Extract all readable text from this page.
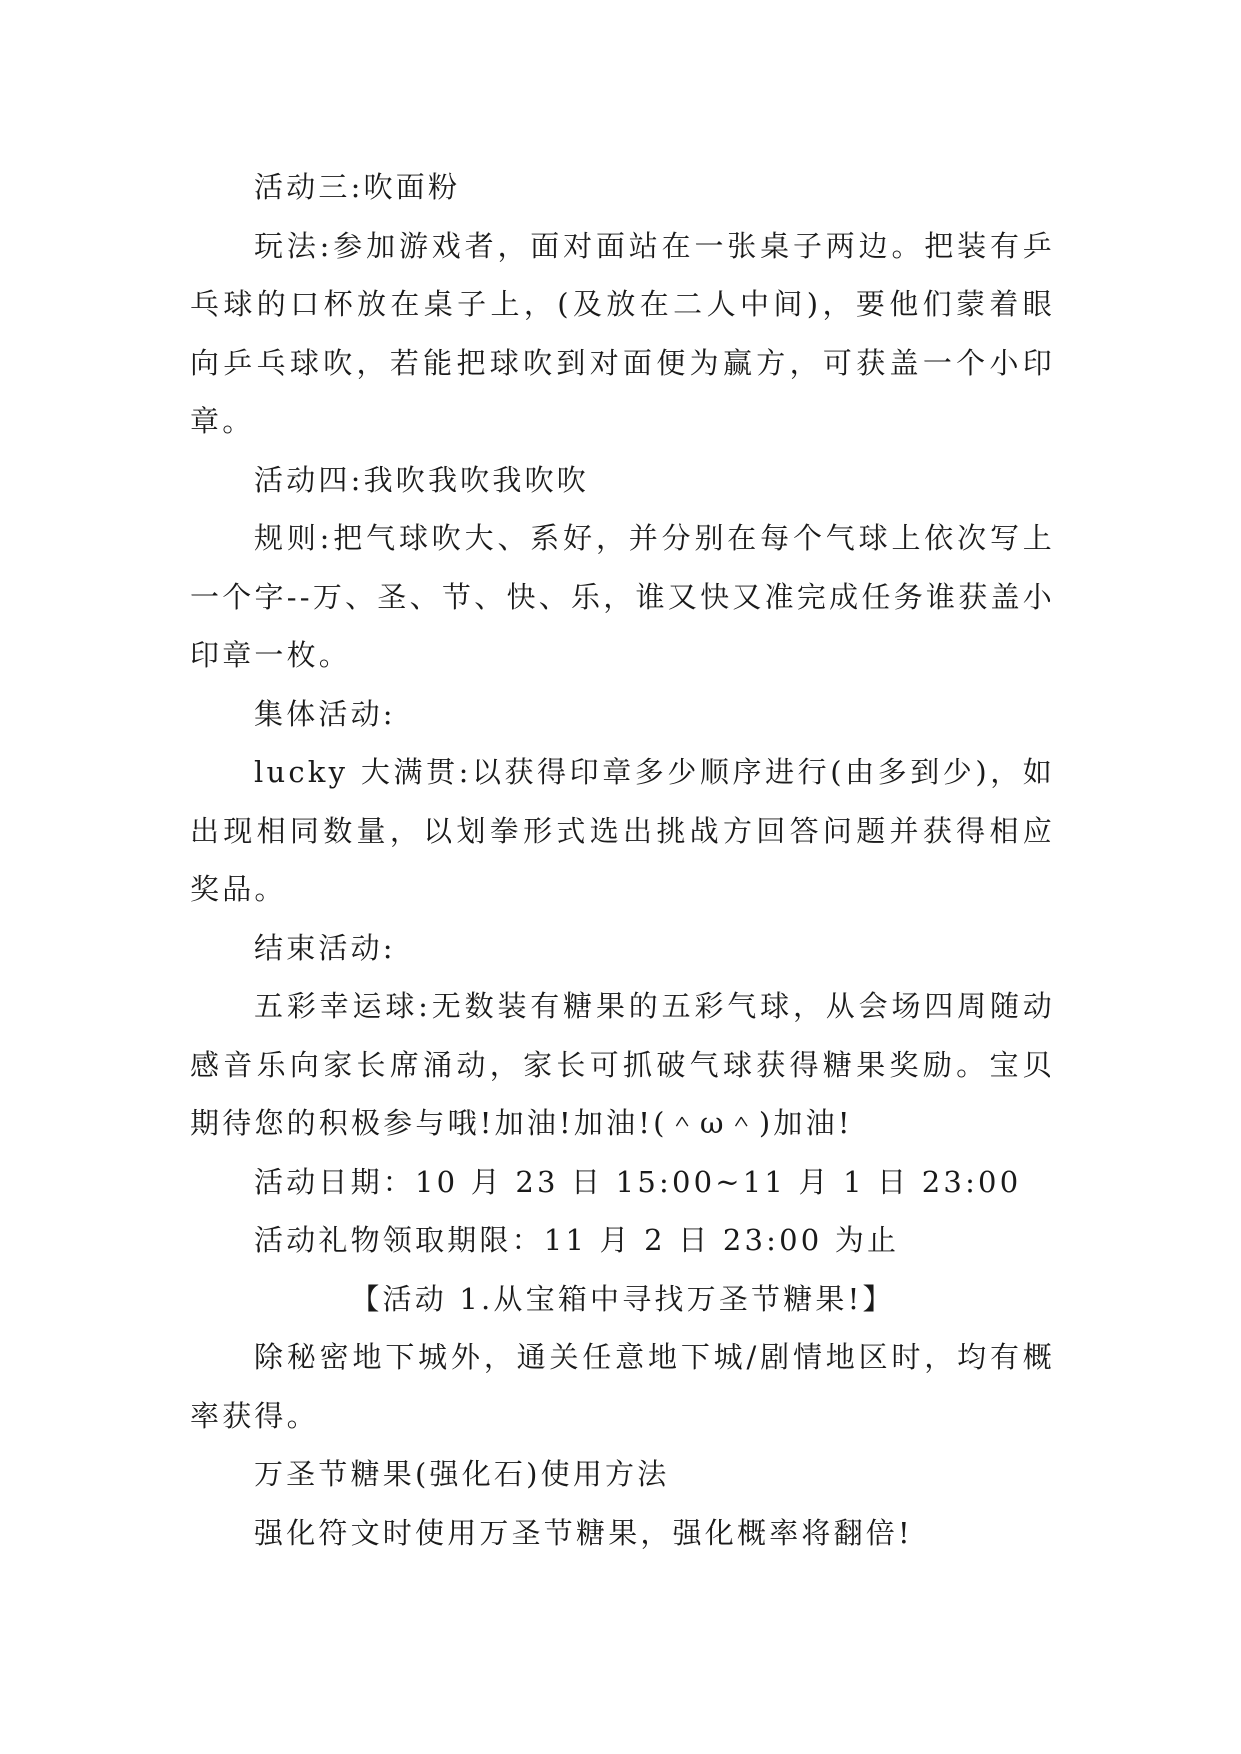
活动三:吹面粉

玩法:参加游戏者，面对面站在一张桌子两边。把装有乒乓球的口杯放在桌子上，(及放在二人中间)，要他们蒙着眼向乒乓球吹，若能把球吹到对面便为赢方，可获盖一个小印章。

活动四:我吹我吹我吹吹

规则:把气球吹大、系好，并分别在每个气球上依次写上一个字--万、圣、节、快、乐，谁又快又准完成任务谁获盖小印章一枚。

集体活动:

lucky 大满贯:以获得印章多少顺序进行(由多到少)，如出现相同数量，以划拳形式选出挑战方回答问题并获得相应奖品。

结束活动:

五彩幸运球:无数装有糖果的五彩气球，从会场四周随动感音乐向家长席涌动，家长可抓破气球获得糖果奖励。宝贝期待您的积极参与哦!加油!加油!(＾ω＾)加油!

活动日期：10 月 23 日 15:00~11 月 1 日 23:00

活动礼物领取期限：11 月 2 日 23:00 为止

【活动 1.从宝箱中寻找万圣节糖果!】

除秘密地下城外，通关任意地下城/剧情地区时，均有概率获得。

万圣节糖果(强化石)使用方法

强化符文时使用万圣节糖果，强化概率将翻倍!
